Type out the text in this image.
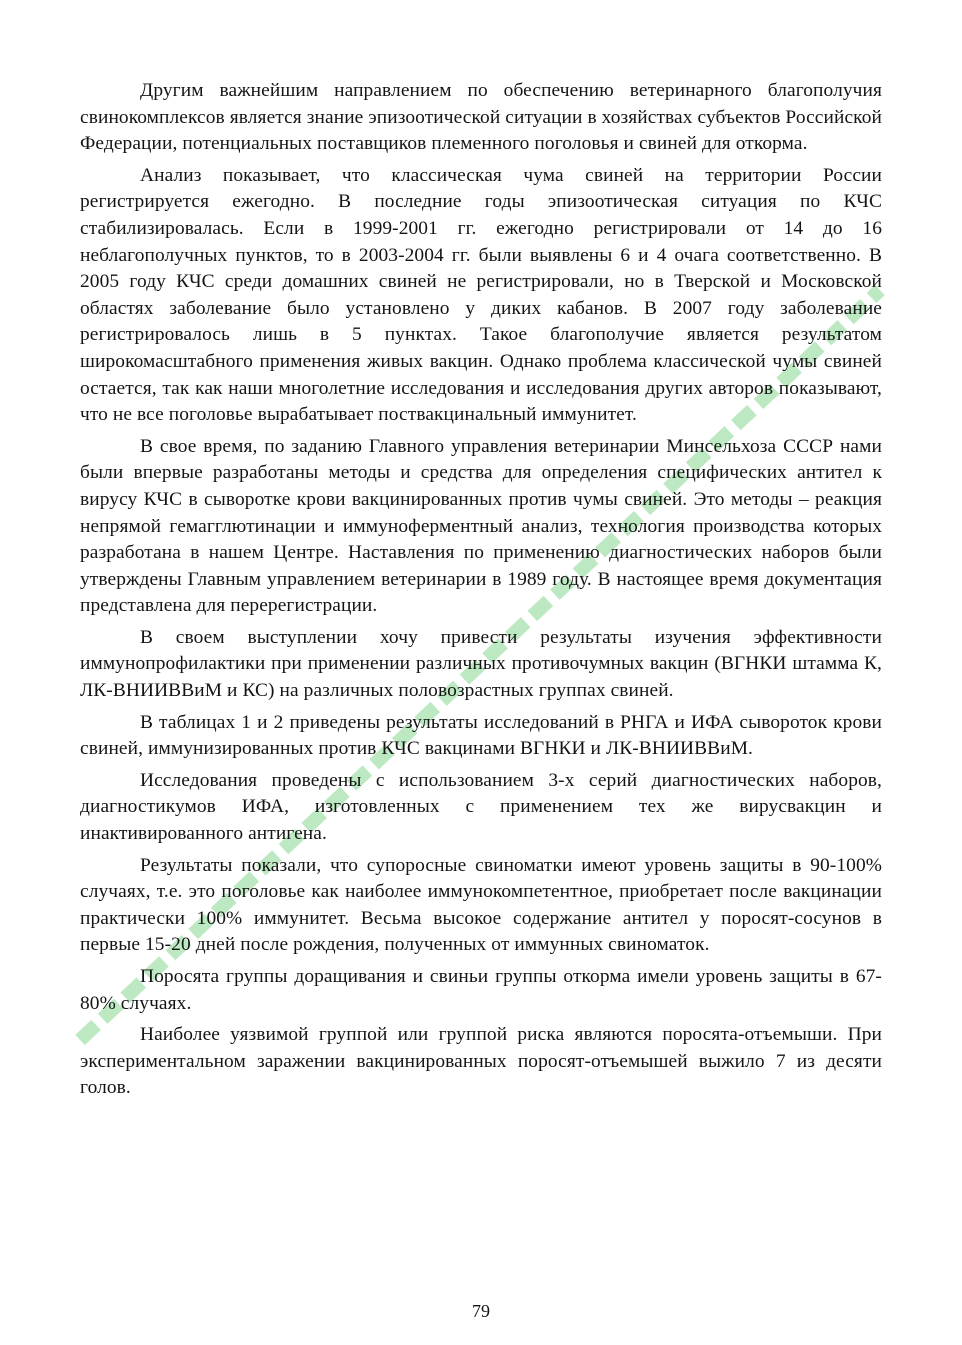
Другим важнейшим направлением по обеспечению ветеринарного благополучия свинокомплексов является знание эпизоотической ситуации в хозяйствах субъектов Российской Федерации, потенциальных поставщиков племенного поголовья и свиней для откорма.

Анализ показывает, что классическая чума свиней на территории России регистрируется ежегодно. В последние годы эпизоотическая ситуация по КЧС стабилизировалась. Если в 1999-2001 гг. ежегодно регистрировали от 14 до 16 неблагополучных пунктов, то в 2003-2004 гг. были выявлены 6 и 4 очага соответственно. В 2005 году КЧС среди домашних свиней не регистрировали, но в Тверской и Московской областях заболевание было установлено у диких кабанов. В 2007 году заболевание регистрировалось лишь в 5 пунктах. Такое благополучие является результатом широкомасштабного применения живых вакцин. Однако проблема классической чумы свиней остается, так как наши многолетние исследования и исследования других авторов показывают, что не все поголовье вырабатывает поствакцинальный иммунитет.

В свое время, по заданию Главного управления ветеринарии Минсельхоза СССР нами были впервые разработаны методы и средства для определения специфических антител к вирусу КЧС в сыворотке крови вакцинированных против чумы свиней. Это методы – реакция непрямой гемагглютинации и иммуноферментный анализ, технология производства которых разработана в нашем Центре. Наставления по применению диагностических наборов были утверждены Главным управлением ветеринарии в 1989 году. В настоящее время документация представлена для перерегистрации.

В своем выступлении хочу привести результаты изучения эффективности иммунопрофилактики при применении различных противочумных вакцин (ВГНКИ штамма К, ЛК-ВНИИВВиМ и КС) на различных половозрастных группах свиней.

В таблицах 1 и 2 приведены результаты исследований в РНГА и ИФА сывороток крови свиней, иммунизированных против КЧС вакцинами ВГНКИ и ЛК-ВНИИВВиМ.

Исследования проведены с использованием 3-х серий диагностических наборов, диагностикумов ИФА, изготовленных с применением тех же вирусвакцин и инактивированного антигена.

Результаты показали, что супоросные свиноматки имеют уровень защиты в 90-100% случаях, т.е. это поголовье как наиболее иммунокомпетентное, приобретает после вакцинации практически 100% иммунитет. Весьма высокое содержание антител у поросят-сосунов в первые 15-20 дней после рождения, полученных от иммунных свиноматок.

Поросята группы доращивания и свиньи группы откорма имели уровень защиты в 67-80% случаях.

Наиболее уязвимой группой или группой риска являются поросята-отъемыши. При экспериментальном заражении вакцинированных поросят-отъемышей выжило 7 из десяти голов.

79
